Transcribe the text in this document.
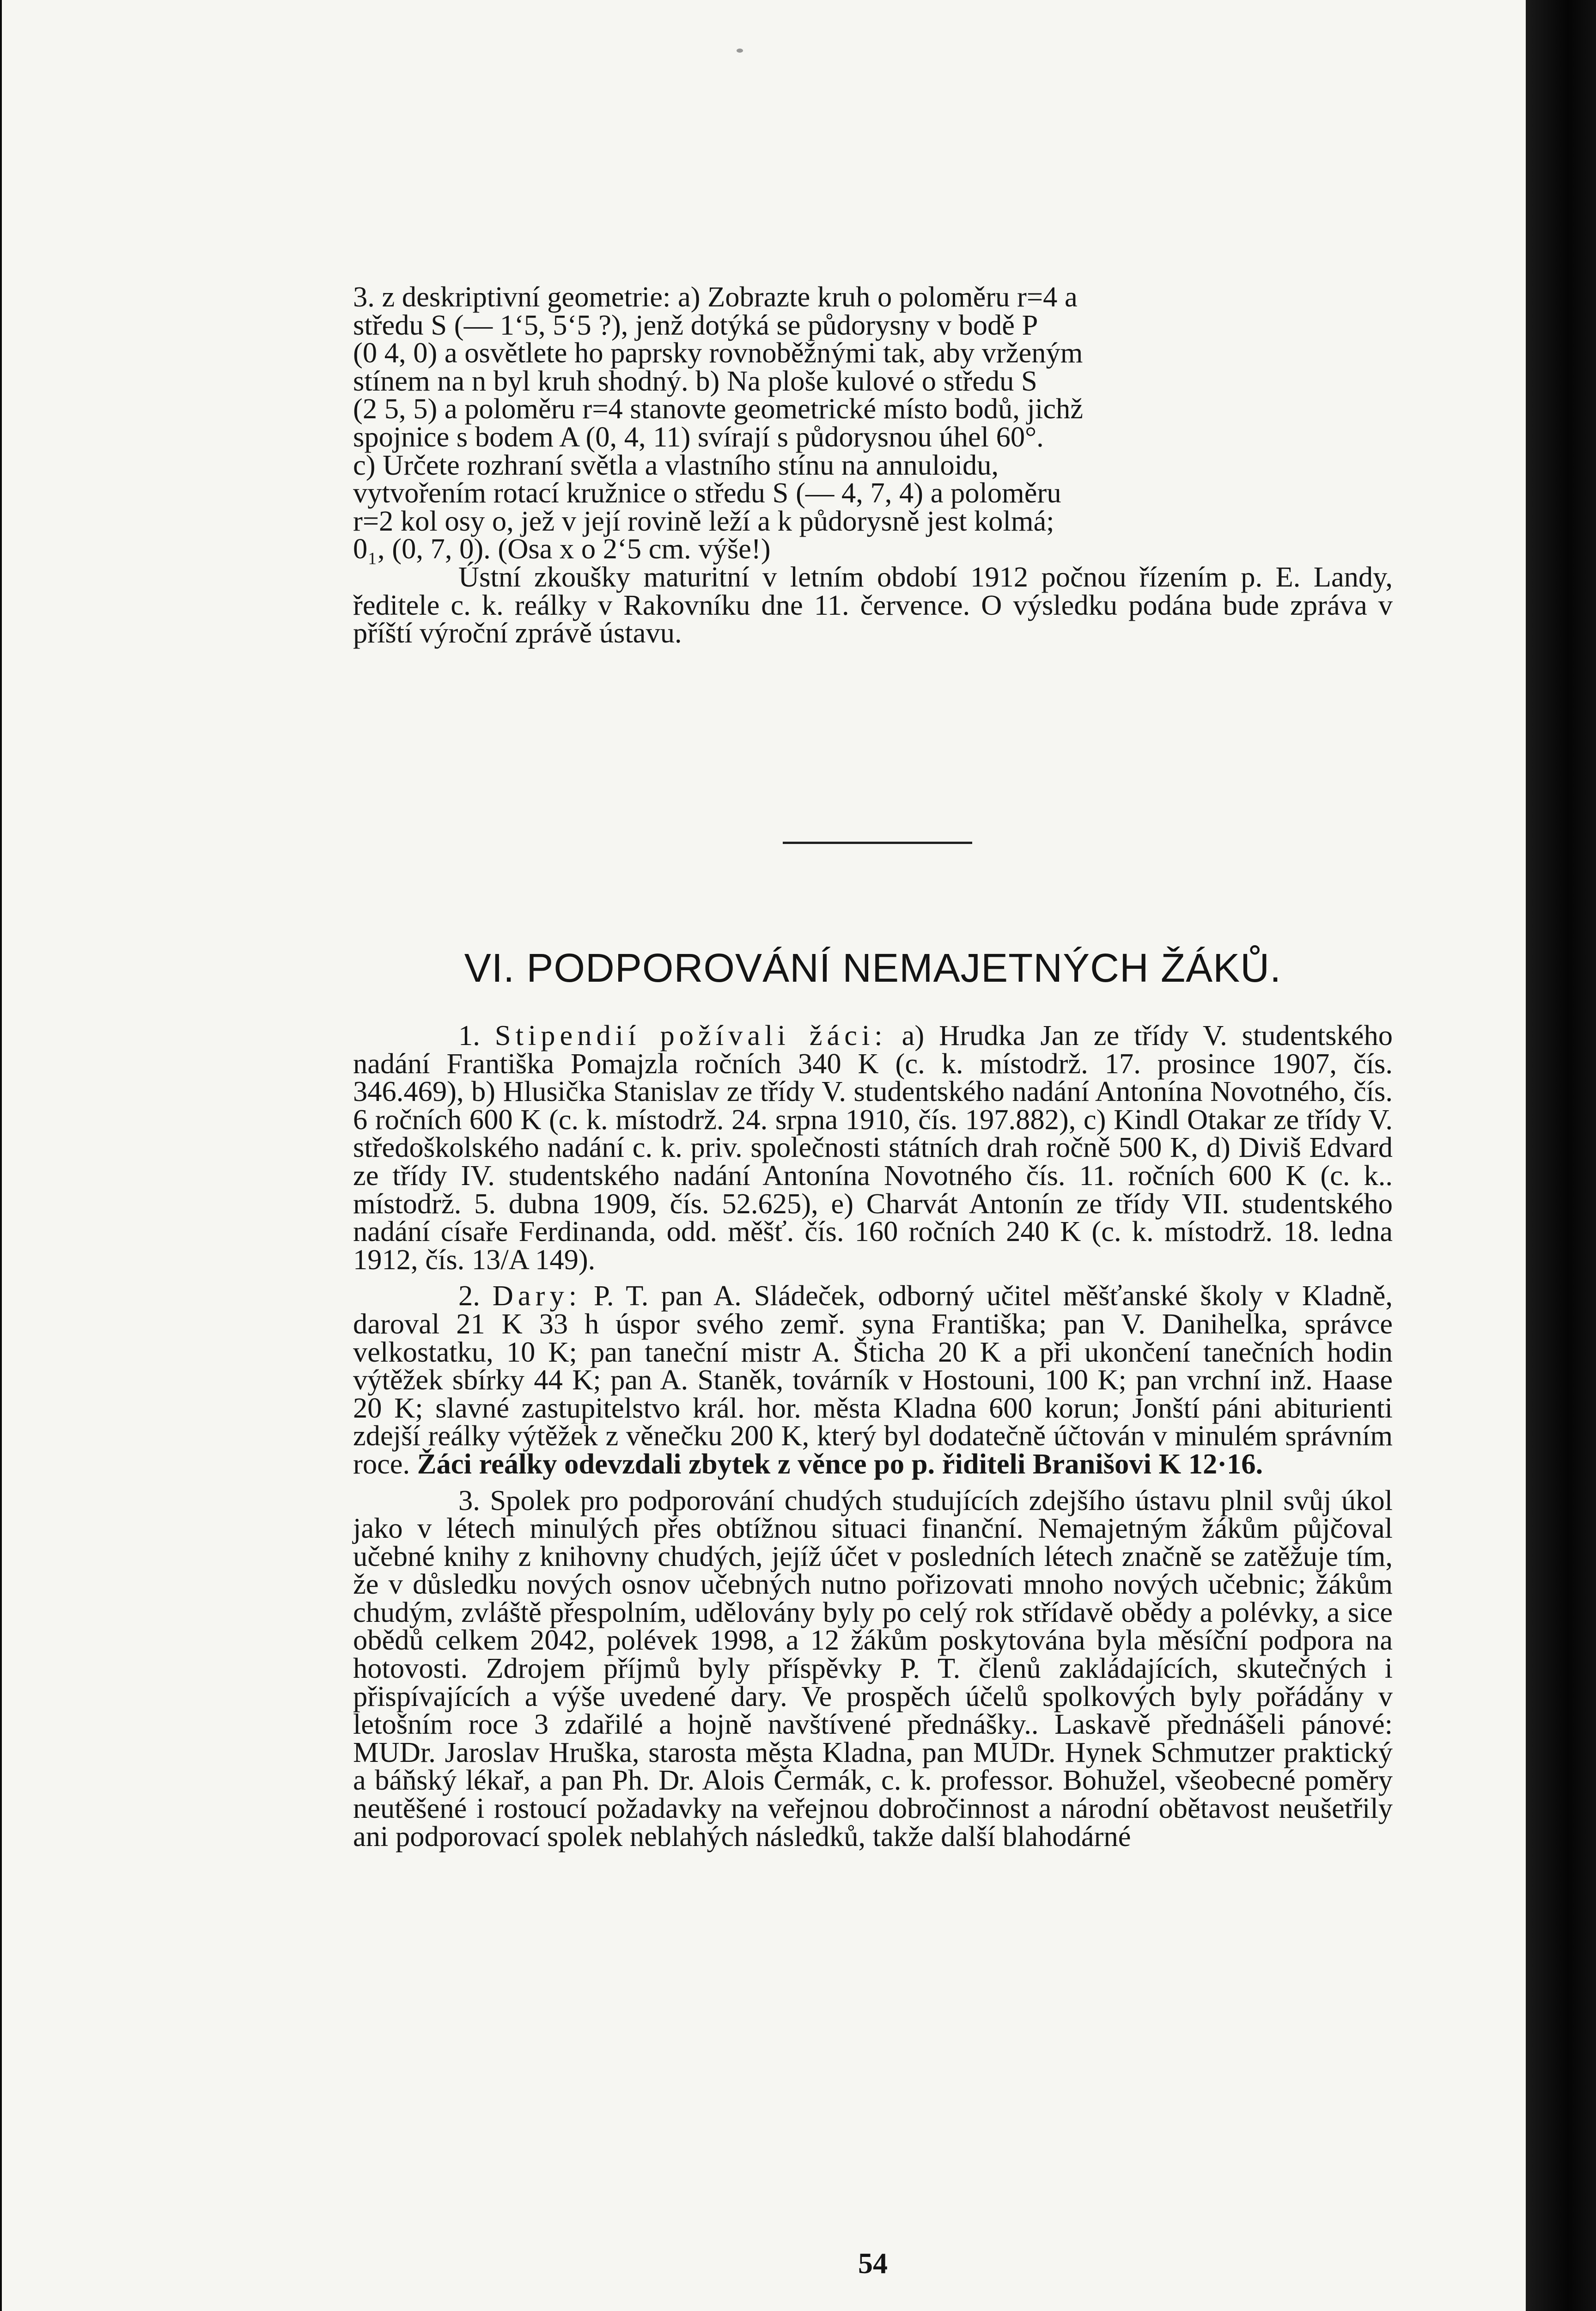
3. z deskriptivní geometrie: a) Zobrazte kruh o poloměru r=4 a

středu S (— 1‘5, 5‘5 ?), jenž dotýká se půdorysny v bodě P

(0 4, 0) a osvětlete ho paprsky rovnoběžnými tak, aby vrženým

stínem na n byl kruh shodný. b) Na ploše kulové o středu S

(2 5, 5) a poloměru r=4 stanovte geometrické místo bodů, jichž

spojnice s bodem A (0, 4, 11) svírají s půdorysnou úhel 60°.

c) Určete rozhraní světla a vlastního stínu na annuloidu,

vytvořením rotací kružnice o středu S (— 4, 7, 4) a poloměru

r=2 kol osy o, jež v její rovině leží a k půdorysně jest kolmá;

0₁, (0, 7, 0). (Osa x o 2‘5 cm. výše!)

Ústní zkoušky maturitní v letním období 1912 počnou řízením p. E. Landy, ředitele c. k. reálky v Rakovníku dne 11. července. O výsledku podána bude zpráva v příští výroční zprávě ústavu.

VI. PODPOROVÁNÍ NEMAJETNÝCH ŽÁKŮ.

1. Stipendií požívali žáci: a) Hrudka Jan ze třídy V. studentského nadání Františka Pomajzla ročních 340 K (c. k. místodrž. 17. prosince 1907, čís. 346.469), b) Hlusička Stanislav ze třídy V. studentského nadání Antonína Novotného, čís. 6 ročních 600 K (c. k. místodrž. 24. srpna 1910, čís. 197.882), c) Kindl Otakar ze třídy V. středoškolského nadání c. k. priv. společnosti státních drah ročně 500 K, d) Diviš Edvard ze třídy IV. studentského nadání Antonína Novotného čís. 11. ročních 600 K (c. k.. místodrž. 5. dubna 1909, čís. 52.625), e) Charvát Antonín ze třídy VII. studentského nadání císaře Ferdinanda, odd. měšť. čís. 160 ročních 240 K (c. k. místodrž. 18. ledna 1912, čís. 13/A 149).

2. Dary: P. T. pan A. Sládeček, odborný učitel měšťanské školy v Kladně, daroval 21 K 33 h úspor svého zemř. syna Františka; pan V. Danihelka, správce velkostatku, 10 K; pan taneční mistr A. Šticha 20 K a při ukončení tanečních hodin výtěžek sbírky 44 K; pan A. Staněk, továrník v Hostouni, 100 K; pan vrchní inž. Haase 20 K; slavné zastupitelstvo král. hor. města Kladna 600 korun; Jonští páni abiturienti zdejší reálky výtěžek z věnečku 200 K, který byl dodatečně účtován v minulém správním roce. Žáci reálky odevzdali zbytek z věnce po p. řiditeli Branišovi K 12·16.

3. Spolek pro podporování chudých studujících zdejšího ústavu plnil svůj úkol jako v létech minulých přes obtížnou situaci finanční. Nemajetným žákům půjčoval učebné knihy z knihovny chudých, jejíž účet v posledních létech značně se zatěžuje tím, že v důsledku nových osnov učebných nutno pořizovati mnoho nových učebnic; žákům chudým, zvláště přespolním, udělovány byly po celý rok střídavě obědy a polévky, a sice obědů celkem 2042, polévek 1998, a 12 žákům poskytována byla měsíční podpora na hotovosti. Zdrojem příjmů byly příspěvky P. T. členů zakládajících, skutečných i přispívajících a výše uvedené dary. Ve prospěch účelů spolkových byly pořádány v letošním roce 3 zdařilé a hojně navštívené přednášky.. Laskavě přednášeli pánové: MUDr. Jaroslav Hruška, starosta města Kladna, pan MUDr. Hynek Schmutzer praktický a báňský lékař, a pan Ph. Dr. Alois Čermák, c. k. professor. Bohužel, všeobecné poměry neutěšené i rostoucí požadavky na veřejnou dobročinnost a národní obětavost neušetřily ani podporovací spolek neblahých následků, takže další blahodárné

54
